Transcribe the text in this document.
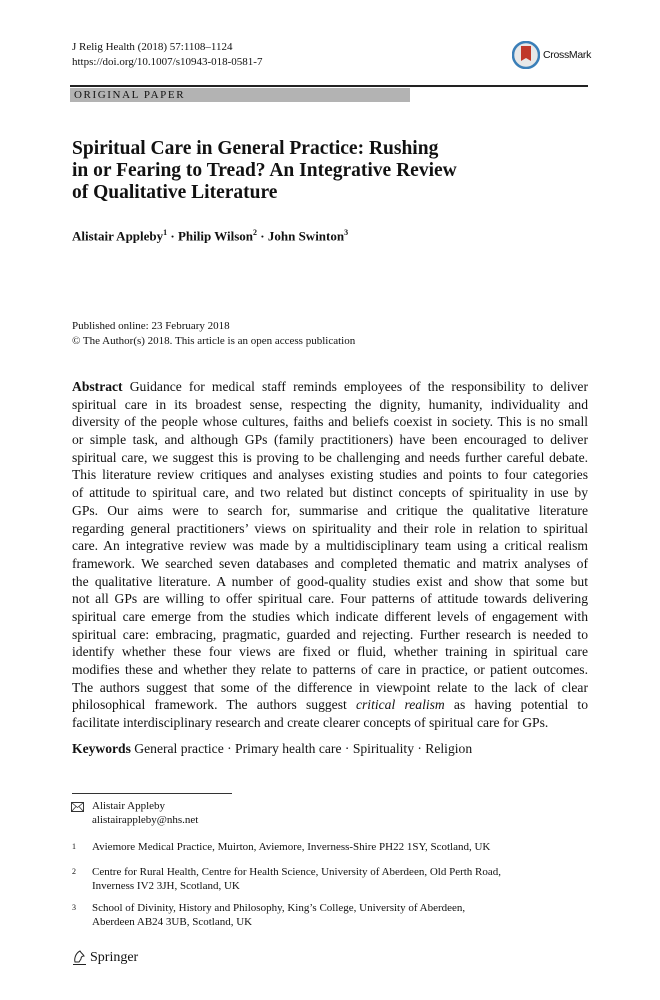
J Relig Health (2018) 57:1108–1124
https://doi.org/10.1007/s10943-018-0581-7
CrossMark
ORIGINAL PAPER
Spiritual Care in General Practice: Rushing
in or Fearing to Tread? An Integrative Review
of Qualitative Literature
Alistair Appleby$^1$ · Philip Wilson$^2$ · John Swinton$^3$
Published online: 23 February 2018
© The Author(s) 2018. This article is an open access publication
Abstract Guidance for medical staff reminds employees of the responsibility to deliver
spiritual care in its broadest sense, respecting the dignity, humanity, individuality and
diversity of the people whose cultures, faiths and beliefs coexist in society. This is no small
or simple task, and although GPs (family practitioners) have been encouraged to deliver
spiritual care, we suggest this is proving to be challenging and needs further careful debate.
This literature review critiques and analyses existing studies and points to four categories
of attitude to spiritual care, and two related but distinct concepts of spirituality in use by
GPs. Our aims were to search for, summarise and critique the qualitative literature
regarding general practitioners’ views on spirituality and their role in relation to spiritual
care. An integrative review was made by a multidisciplinary team using a critical realism
framework. We searched seven databases and completed thematic and matrix analyses of
the qualitative literature. A number of good-quality studies exist and show that some but
not all GPs are willing to offer spiritual care. Four patterns of attitude towards delivering
spiritual care emerge from the studies which indicate different levels of engagement with
spiritual care: embracing, pragmatic, guarded and rejecting. Further research is needed to
identify whether these four views are fixed or fluid, whether training in spiritual care
modifies these and whether they relate to patterns of care in practice, or patient outcomes.
The authors suggest that some of the difference in viewpoint relate to the lack of clear
philosophical framework. The authors suggest critical realism as having potential to
facilitate interdisciplinary research and create clearer concepts of spiritual care for GPs.
Keywords General practice · Primary health care · Spirituality · Religion
Alistair Appleby
alistairappleby@nhs.net
1 Aviemore Medical Practice, Muirton, Aviemore, Inverness-Shire PH22 1SY, Scotland, UK
2 Centre for Rural Health, Centre for Health Science, University of Aberdeen, Old Perth Road,
Inverness IV2 3JH, Scotland, UK
3 School of Divinity, History and Philosophy, King’s College, University of Aberdeen,
Aberdeen AB24 3UB, Scotland, UK
Springer
